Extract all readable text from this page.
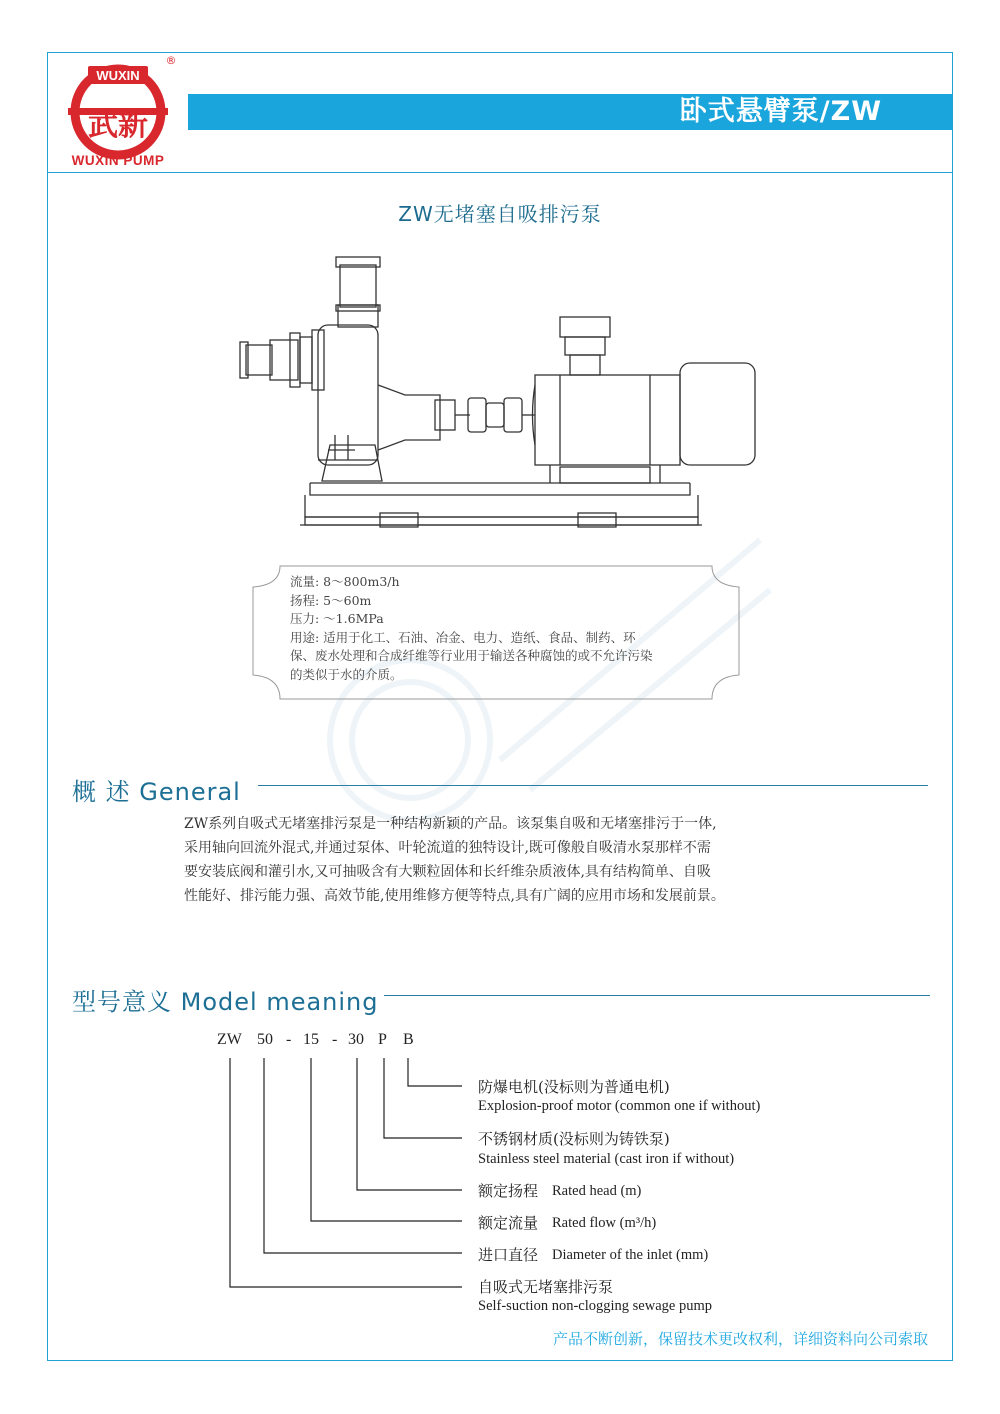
WUXIN
武新
®
WUXIN PUMP
卧式悬臂泵/ZW
ZW无堵塞自吸排污泵
流量: 8～800m3/h
扬程: 5～60m
压力: ～1.6MPa
用途: 适用于化工、石油、冶金、电力、造纸、食品、制药、环
保、废水处理和合成纤维等行业用于输送各种腐蚀的或不允许污染
的类似于水的介质。
概 述 General
ZW系列自吸式无堵塞排污泵是一种结构新颖的产品。该泵集自吸和无堵塞排污于一体,
采用轴向回流外混式,并通过泵体、叶轮流道的独特设计,既可像般自吸清水泵那样不需
要安装底阀和灌引水,又可抽吸含有大颗粒固体和长纤维杂质液体,具有结构简单、自吸
性能好、排污能力强、高效节能,使用维修方便等特点,具有广阔的应用市场和发展前景。
型号意义 Model meaning
ZW 50 - 15 - 30 P B
防爆电机(没标则为普通电机)
Explosion-proof motor (common one if without)
不锈钢材质(没标则为铸铁泵)
Stainless steel material (cast iron if without)
额定扬程 Rated head (m)
额定流量 Rated flow (m³/h)
进口直径 Diameter of the inlet (mm)
自吸式无堵塞排污泵
Self-suction non-clogging sewage pump
产品不断创新，保留技术更改权利，详细资料向公司索取
